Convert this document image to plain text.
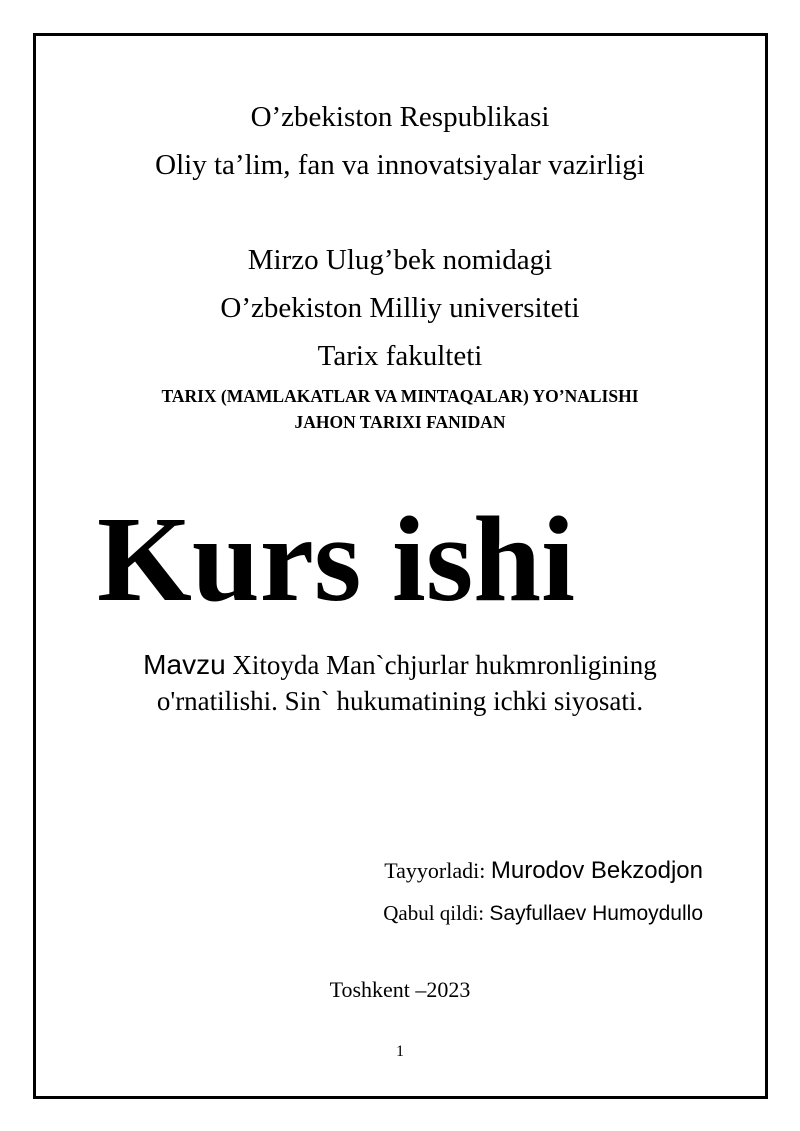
O’zbekiston Respublikasi
Oliy ta’lim, fan va innovatsiyalar vazirligi
Mirzo Ulug’bek nomidagi
O’zbekiston Milliy universiteti
Tarix fakulteti
TARIX (MAMLAKATLAR VA MINTAQALAR) YO’NALISHI
JAHON TARIXI FANIDAN
Kurs ishi
Mavzu Xitoyda Man`chjurlar hukmronligining
o'rnatilishi. Sin` hukumatining ichki siyosati.
Tayyorladi: Murodov Bekzodjon
Qabul qildi: Sayfullaev Humoydullo
Toshkent –2023
1
